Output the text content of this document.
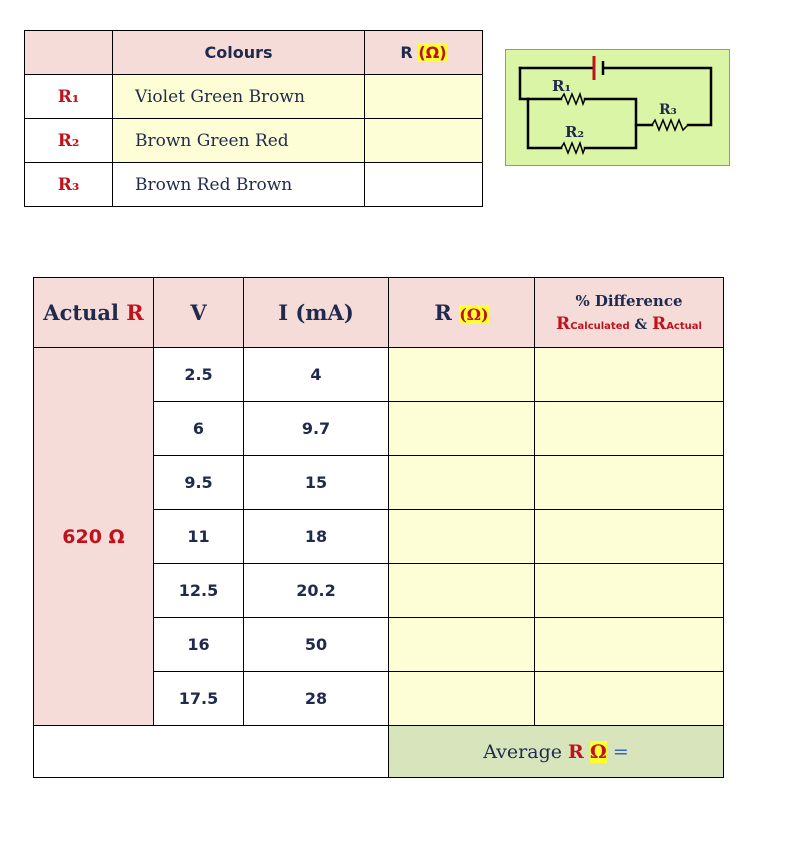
	Colours	R (Ω)
R₁	Violet Green Brown	
R₂	Brown Green Red	
R₃	Brown Red Brown	
R₁
R₂
R₃
Actual R	V	I (mA)	R (Ω)	% Difference
RCalculated & RActual

620 Ω	2.5	4		
	6	9.7		
	9.5	15		
	11	18		
	12.5	20.2		
	16	50		
	17.5	28		
			Average R Ω =	
